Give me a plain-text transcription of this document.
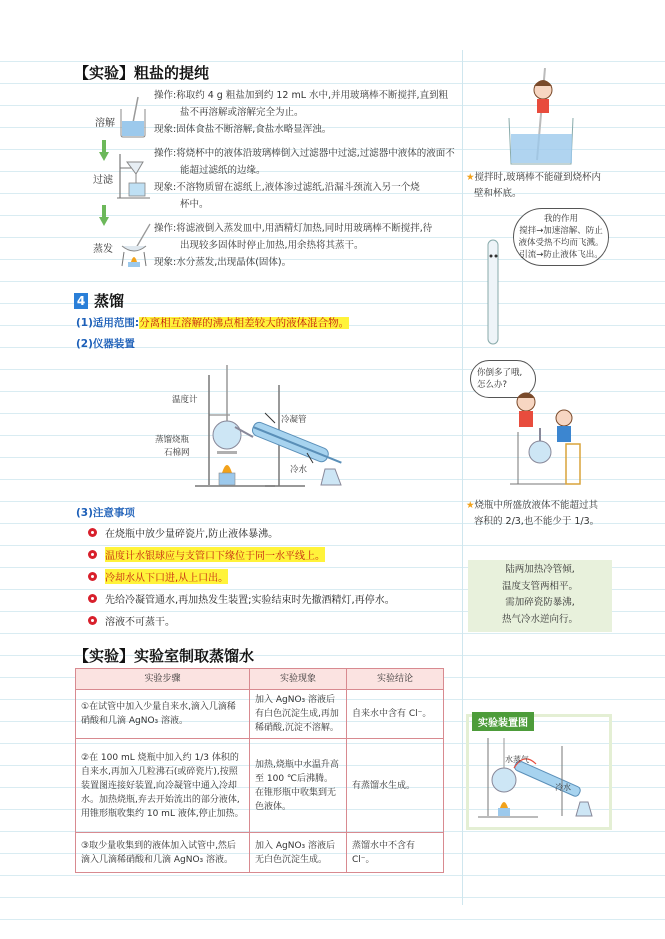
【实验】粗盐的提纯
溶解
操作:称取约 4 g 粗盐加到约 12 mL 水中,并用玻璃棒不断搅拌,直到粗
盐不再溶解或溶解完全为止。
现象:固体食盐不断溶解,食盐水略显浑浊。
过滤
操作:将烧杯中的液体沿玻璃棒倒入过滤器中过滤,过滤器中液体的液面不
能超过滤纸的边缘。
现象:不溶物质留在滤纸上,液体渗过滤纸,沿漏斗颈流入另一个烧
杯中。
蒸发
操作:将滤液倒入蒸发皿中,用酒精灯加热,同时用玻璃棒不断搅拌,待
出现较多固体时停止加热,用余热将其蒸干。
现象:水分蒸发,出现晶体(固体)。
★搅拌时,玻璃棒不能碰到烧杯内
壁和杯底。
我的作用
搅拌→加速溶解、防止
液体受热不均而飞溅。
引流→防止液体飞出。
4 蒸馏
(1)适用范围:分离相互溶解的沸点相差较大的液体混合物。
(2)仪器装置
温度计
蒸馏烧瓶
石棉网
冷凝管
冷水
你倒多了哦,
怎么办?
★烧瓶中所盛放液体不能超过其
容积的 2/3,也不能少于 1/3。
(3)注意事项
在烧瓶中放少量碎瓷片,防止液体暴沸。
温度计水银球应与支管口下缘位于同一水平线上。
冷却水从下口进,从上口出。
先给冷凝管通水,再加热发生装置;实验结束时先撤酒精灯,再停水。
溶液不可蒸干。
陆两加热冷管倾,
温度支管两相平。
需加碎瓷防暴沸,
热气冷水逆向行。
【实验】实验室制取蒸馏水
实验步骤	实验现象	实验结论
①在试管中加入少量自来水,滴入几滴稀硝酸和几滴 AgNO₃ 溶液。	加入 AgNO₃ 溶液后有白色沉淀生成,再加稀硝酸,沉淀不溶解。	自来水中含有 Cl⁻。
②在 100 mL 烧瓶中加入约 1/3 体积的自来水,再加入几粒沸石(或碎瓷片),按照装置图连接好装置,向冷凝管中通入冷却水。加热烧瓶,弃去开始流出的部分液体,用锥形瓶收集约 10 mL 液体,停止加热。	加热,烧瓶中水温升高至 100 ℃后沸腾。在锥形瓶中收集到无色液体。	有蒸馏水生成。
③取少量收集到的液体加入试管中,然后滴入几滴稀硝酸和几滴 AgNO₃ 溶液。	加入 AgNO₃ 溶液后无白色沉淀生成。	蒸馏水中不含有 Cl⁻。
实验装置图
水蒸气
冷水
